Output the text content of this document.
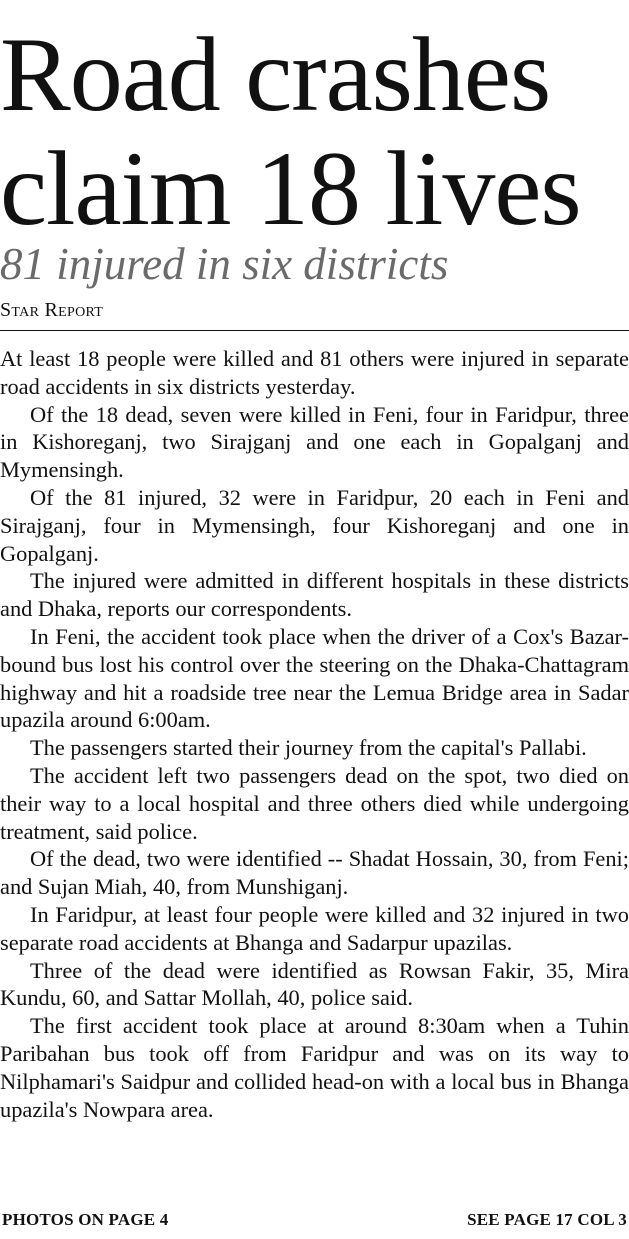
Road crashes
claim 18 lives
81 injured in six districts
Star Report

At least 18 people were killed and 81 others were injured in separate road accidents in six districts yesterday.

Of the 18 dead, seven were killed in Feni, four in Faridpur, three in Kishoreganj, two Sirajganj and one each in Gopalganj and Mymensingh.

Of the 81 injured, 32 were in Faridpur, 20 each in Feni and Sirajganj, four in Mymensingh, four Kishoreganj and one in Gopalganj.

The injured were admitted in different hospitals in these districts and Dhaka, reports our correspondents.

In Feni, the accident took place when the driver of a Cox's Bazar-bound bus lost his control over the steering on the Dhaka-Chattagram highway and hit a roadside tree near the Lemua Bridge area in Sadar upazila around 6:00am.

The passengers started their journey from the capital's Pallabi.

The accident left two passengers dead on the spot, two died on their way to a local hospital and three others died while undergoing treatment, said police.

Of the dead, two were identified -- Shadat Hossain, 30, from Feni; and Sujan Miah, 40, from Munshiganj.

In Faridpur, at least four people were killed and 32 injured in two separate road accidents at Bhanga and Sadarpur upazilas.

Three of the dead were identified as Rowsan Fakir, 35, Mira Kundu, 60, and Sattar Mollah, 40, police said.

The first accident took place at around 8:30am when a Tuhin Paribahan bus took off from Faridpur and was on its way to Nilphamari's Saidpur and collided head-on with a local bus in Bhanga upazila's Nowpara area.

PHOTOS ON PAGE 4	SEE PAGE 17 COL 3
